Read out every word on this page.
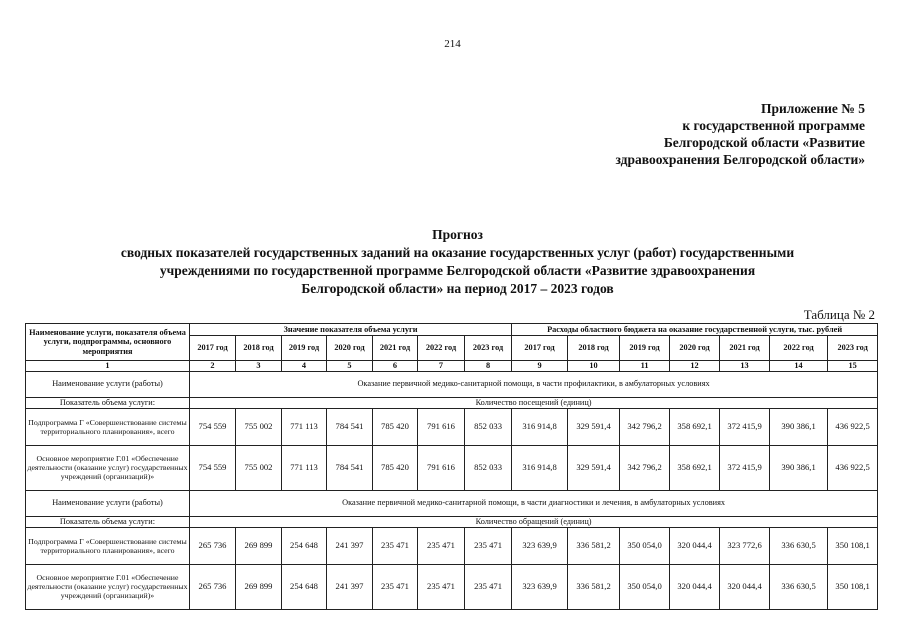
214
Приложение № 5
к государственной программе
Белгородской области «Развитие
здравоохранения Белгородской области»
Прогноз
сводных показателей государственных заданий на оказание государственных услуг (работ) государственными
учреждениями по государственной программе Белгородской области «Развитие здравоохранения
Белгородской области» на период 2017 – 2023 годов
Таблица № 2
Наименование услуги, показателя объема услуги, подпрограммы, основного мероприятия	Значение показателя объема услуги							Расходы областного бюджета на оказание государственной услуги, тыс. рублей						
	2017 год	2018 год	2019 год	2020 год	2021 год	2022 год	2023 год	2017 год	2018 год	2019 год	2020 год	2021 год	2022 год	2023 год
1	2	3	4	5	6	7	8	9	10	11	12	13	14	15
Наименование услуги (работы)	Оказание первичной медико-санитарной помощи, в части профилактики, в амбулаторных условиях													
Показатель объема услуги:	Количество посещений (единиц)													
Подпрограмма Г «Совершенствование системы территориального планирования», всего	754 559	755 002	771 113	784 541	785 420	791 616	852 033	316 914,8	329 591,4	342 796,2	358 692,1	372 415,9	390 386,1	436 922,5
Основное мероприятие Г.01 «Обеспечение деятельности (оказание услуг) государственных учреждений (организаций)»	754 559	755 002	771 113	784 541	785 420	791 616	852 033	316 914,8	329 591,4	342 796,2	358 692,1	372 415,9	390 386,1	436 922,5
Наименование услуги (работы)	Оказание первичной медико-санитарной помощи, в части диагностики и лечения, в амбулаторных условиях													
Показатель объема услуги:	Количество обращений (единиц)													
Подпрограмма Г «Совершенствование системы территориального планирования», всего	265 736	269 899	254 648	241 397	235 471	235 471	235 471	323 639,9	336 581,2	350 054,0	320 044,4	323 772,6	336 630,5	350 108,1
Основное мероприятие Г.01 «Обеспечение деятельности (оказание услуг) государственных учреждений (организаций)»	265 736	269 899	254 648	241 397	235 471	235 471	235 471	323 639,9	336 581,2	350 054,0	320 044,4	320 044,4	336 630,5	350 108,1
